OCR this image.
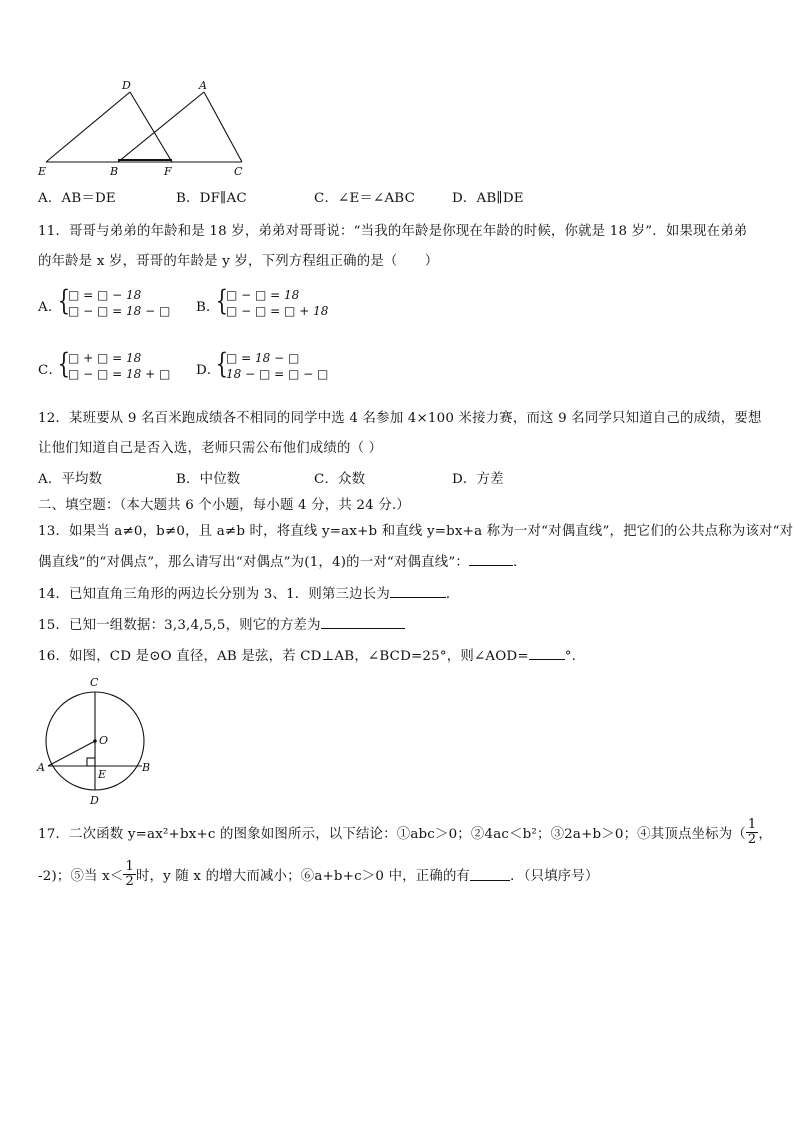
D	A
E	B	F	C
A．AB＝DE	B．DF∥AC	C．∠E＝∠ABC	D．AB∥DE
11．哥哥与弟弟的年龄和是 18 岁，弟弟对哥哥说：“当我的年龄是你现在年龄的时候，你就是 18 岁”．如果现在弟弟
的年龄是 x 岁，哥哥的年龄是 y 岁，下列方程组正确的是（　　）
A．
{
□ = □ − 18
□ − □ = 18 − □ B．
{
□ − □ = 18
□ − □ = □ + 18
C．
{
□ + □ = 18
□ − □ = 18 + □ D．
{
□ = 18 − □
18 − □ = □ − □
12．某班要从 9 名百米跑成绩各不相同的同学中选 4 名参加 4×100 米接力赛，而这 9 名同学只知道自己的成绩，要想
让他们知道自己是否入选，老师只需公布他们成绩的（ ）
A．平均数	B．中位数	C．众数	D．方差
二、填空题：（本大题共 6 个小题，每小题 4 分，共 24 分.）
13．如果当 a≠0，b≠0，且 a≠b 时，将直线 y=ax+b 和直线 y=bx+a 称为一对“对偶直线”，把它们的公共点称为该对“对
偶直线”的“对偶点”，那么请写出“对偶点”为(1，4)的一对“对偶直线”：	.
14．已知直角三角形的两边长分别为 3、1．则第三边长为	．
15．已知一组数据：3,3,4,5,5，则它的方差为
16．如图，CD 是⊙O 直径，AB 是弦，若 CD⊥AB，∠BCD=25°，则∠AOD=	°.
C
O
A
E
B
D
17．二次函数 y=ax²+bx+c 的图象如图所示，以下结论：①abc＞0；②4ac＜b²；③2a+b＞0；④其顶点坐标为（ $\frac{1}{2}$ ，
-2)；⑤当 $x< \frac{1}{2}$ 时，y 随 x 的增大而减小；⑥a+b+c＞0 中，正确的有	．（只填序号）
